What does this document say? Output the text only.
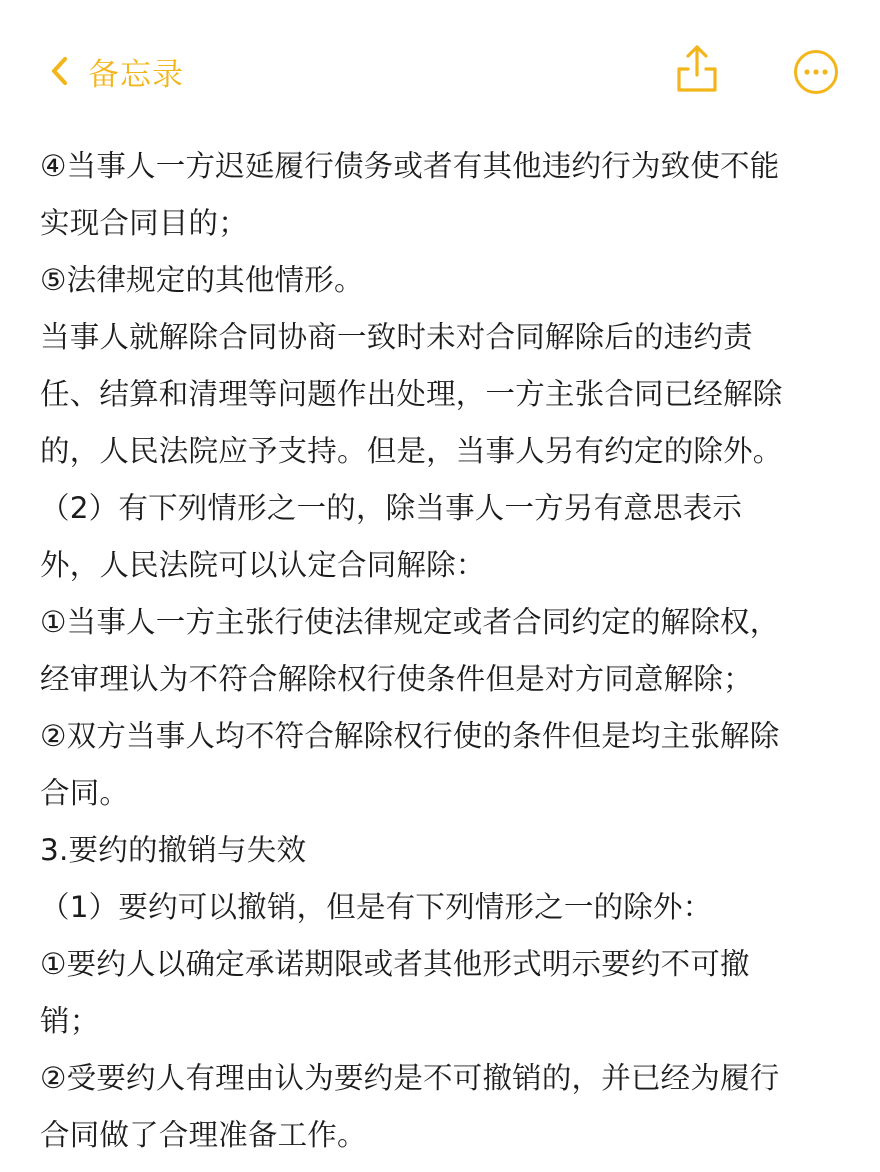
备忘录
④当事人一方迟延履行债务或者有其他违约行为致使不能
实现合同目的；
⑤法律规定的其他情形。
当事人就解除合同协商一致时未对合同解除后的违约责
任、结算和清理等问题作出处理，一方主张合同已经解除
的，人民法院应予支持。但是，当事人另有约定的除外。
（2）有下列情形之一的，除当事人一方另有意思表示
外，人民法院可以认定合同解除：
①当事人一方主张行使法律规定或者合同约定的解除权，
经审理认为不符合解除权行使条件但是对方同意解除；
②双方当事人均不符合解除权行使的条件但是均主张解除
合同。
3.要约的撤销与失效
（1）要约可以撤销，但是有下列情形之一的除外：
①要约人以确定承诺期限或者其他形式明示要约不可撤
销；
②受要约人有理由认为要约是不可撤销的，并已经为履行
合同做了合理准备工作。
